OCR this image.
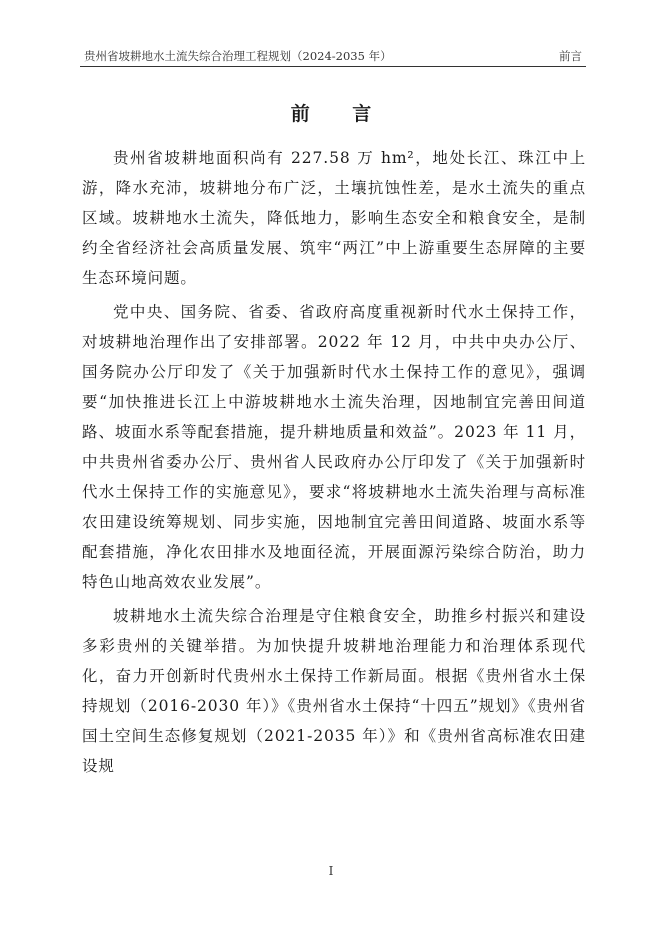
贵州省坡耕地水土流失综合治理工程规划（2024-2035 年）	前言
前 言

贵州省坡耕地面积尚有 227.58 万 hm²，地处长江、珠江中上游，降水充沛，坡耕地分布广泛，土壤抗蚀性差，是水土流失的重点区域。坡耕地水土流失，降低地力，影响生态安全和粮食安全，是制约全省经济社会高质量发展、筑牢“两江”中上游重要生态屏障的主要生态环境问题。

党中央、国务院、省委、省政府高度重视新时代水土保持工作，对坡耕地治理作出了安排部署。2022 年 12 月，中共中央办公厅、国务院办公厅印发了《关于加强新时代水土保持工作的意见》，强调要“加快推进长江上中游坡耕地水土流失治理，因地制宜完善田间道路、坡面水系等配套措施，提升耕地质量和效益”。2023 年 11 月，中共贵州省委办公厅、贵州省人民政府办公厅印发了《关于加强新时代水土保持工作的实施意见》，要求“将坡耕地水土流失治理与高标准农田建设统筹规划、同步实施，因地制宜完善田间道路、坡面水系等配套措施，净化农田排水及地面径流，开展面源污染综合防治，助力特色山地高效农业发展”。

坡耕地水土流失综合治理是守住粮食安全，助推乡村振兴和建设多彩贵州的关键举措。为加快提升坡耕地治理能力和治理体系现代化，奋力开创新时代贵州水土保持工作新局面。根据《贵州省水土保持规划（2016-2030 年）》《贵州省水土保持“十四五”规划》《贵州省国土空间生态修复规划（2021-2035 年）》和《贵州省高标准农田建设规

I
